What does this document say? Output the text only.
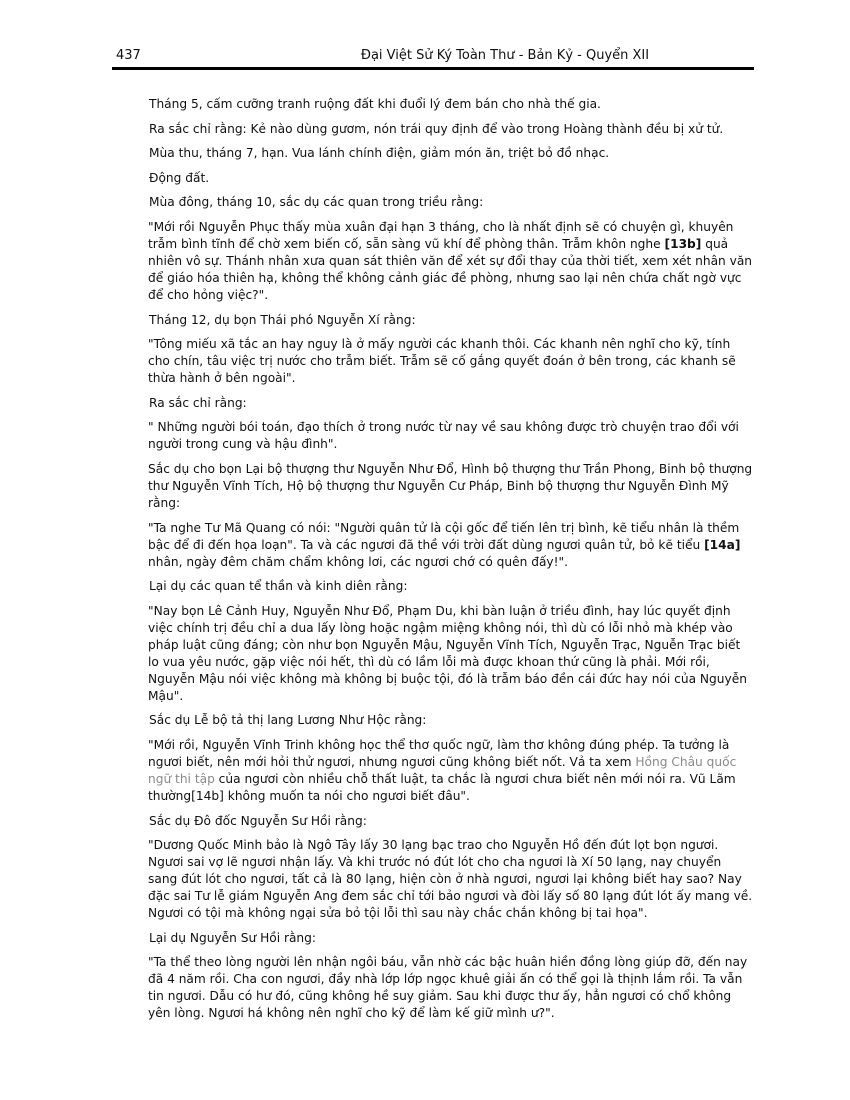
437	Đại Việt Sử Ký Toàn Thư - Bản Kỷ - Quyển XII

Tháng 5, cấm cưỡng tranh ruộng đất khi đuổi lý đem bán cho nhà thế gia.

Ra sắc chỉ rằng: Kẻ nào dùng gươm, nón trái quy định để vào trong Hoàng thành đều bị xử tử.

Mùa thu, tháng 7, hạn. Vua lánh chính điện, giảm món ăn, triệt bỏ đồ nhạc.

Động đất.

Mùa đông, tháng 10, sắc dụ các quan trong triều rằng:

"Mới rồi Nguyễn Phục thấy mùa xuân đại hạn 3 tháng, cho là nhất định sẽ có chuyện gì, khuyên trẫm bình tĩnh để chờ xem biến cố, sẵn sàng vũ khí để phòng thân. Trẫm khôn nghe [13b] quả nhiên vô sự. Thánh nhân xưa quan sát thiên văn để xét sự đổi thay của thời tiết, xem xét nhân văn để giáo hóa thiên hạ, không thể không cảnh giác đề phòng, nhưng sao lại nên chứa chất ngờ vực để cho hỏng việc?".

Tháng 12, dụ bọn Thái phó Nguyễn Xí rằng:

"Tông miếu xã tắc an hay nguy là ở mấy người các khanh thôi. Các khanh nên nghĩ cho kỹ, tính cho chín, tâu việc trị nước cho trẫm biết. Trẫm sẽ cố gắng quyết đoán ở bên trong, các khanh sẽ thừa hành ở bên ngoài".

Ra sắc chỉ rằng:

" Những người bói toán, đạo thích ở trong nước từ nay về sau không được trò chuyện trao đổi với người trong cung và hậu đình".

Sắc dụ cho bọn Lại bộ thượng thư Nguyễn Như Đổ, Hình bộ thượng thư Trần Phong, Binh bộ thượng thư Nguyễn Vĩnh Tích, Hộ bộ thượng thư Nguyễn Cư Pháp, Binh bộ thượng thư Nguyễn Đình Mỹ rằng:

"Ta nghe Tư Mã Quang có nói: "Người quân tử là cội gốc để tiến lên trị bình, kẽ tiểu nhân là thềm bậc để đi đến họa loạn". Ta và các ngươi đã thề với trời đất dùng ngươi quân tử, bỏ kẽ tiểu [14a] nhân, ngày đêm chăm chẩm không lơi, các ngươi chớ có quên đấy!".

Lại dụ các quan tể thần và kinh diên rằng:

"Nay bọn Lê Cảnh Huy, Nguyễn Như Đổ, Phạm Du, khi bàn luận ở triều đình, hay lúc quyết định việc chính trị đều chỉ a dua lấy lòng hoặc ngậm miệng không nói, thì dù có lỗi nhỏ mà khép vào pháp luật cũng đáng; còn như bọn Nguyễn Mậu, Nguyễn Vĩnh Tích, Nguyễn Trạc, Nguễn Trạc biết lo vua yêu nước, gặp việc nói hết, thì dù có lầm lỗi mà được khoan thứ cũng là phải. Mới rồi, Nguyễn Mậu nói việc không mà không bị buộc tội, đó là trẫm báo đền cái đức hay nói của Nguyễn Mậu".

Sắc dụ Lễ bộ tả thị lang Lương Như Hộc rằng:

"Mới rồi, Nguyễn Vĩnh Trinh không học thể thơ quốc ngữ, làm thơ không đúng phép. Ta tưởng là ngươi biết, nên mới hỏi thử ngươi, nhưng ngươi cũng không biết nốt. Vả ta xem Hồng Châu quốc ngữ thi tập của ngươi còn nhiều chỗ thất luật, ta chắc là ngươi chưa biết nên mới nói ra. Vũ Lãm thường[14b] không muốn ta nói cho ngươi biết đâu".

Sắc dụ Đô đốc Nguyễn Sư Hồi rằng:

"Dương Quốc Minh bảo là Ngô Tây lấy 30 lạng bạc trao cho Nguyễn Hồ đến đút lọt bọn ngươi. Ngươi sai vợ lẽ ngươi nhận lấy. Và khi trước nó đút lót cho cha ngươi là Xí 50 lạng, nay chuyển sang đút lót cho ngươi, tất cả là 80 lạng, hiện còn ở nhà ngươi, ngươi lại không biết hay sao? Nay đặc sai Tư lễ giám Nguyễn Ang đem sắc chỉ tới bảo ngươi và đòi lấy số 80 lạng đút lót ấy mang về. Ngươi có tội mà không ngại sửa bỏ tội lỗi thì sau này chắc chắn không bị tai họa".

Lại dụ Nguyễn Sư Hồi rằng:

"Ta thể theo lòng người lên nhận ngôi báu, vẫn nhờ các bậc huân hiền đồng lòng giúp đỡ, đến nay đã 4 năm rồi. Cha con ngươi, đầy nhà lớp lớp ngọc khuê giải ấn có thể gọi là thịnh lắm rồi. Ta vẫn tin ngươi. Dẫu có hư đó, cũng không hề suy giảm. Sau khi được thư ấy, hẳn ngươi có chổ không yên lòng. Ngươi há không nên nghĩ cho kỹ để làm kế giữ mình ư?".
